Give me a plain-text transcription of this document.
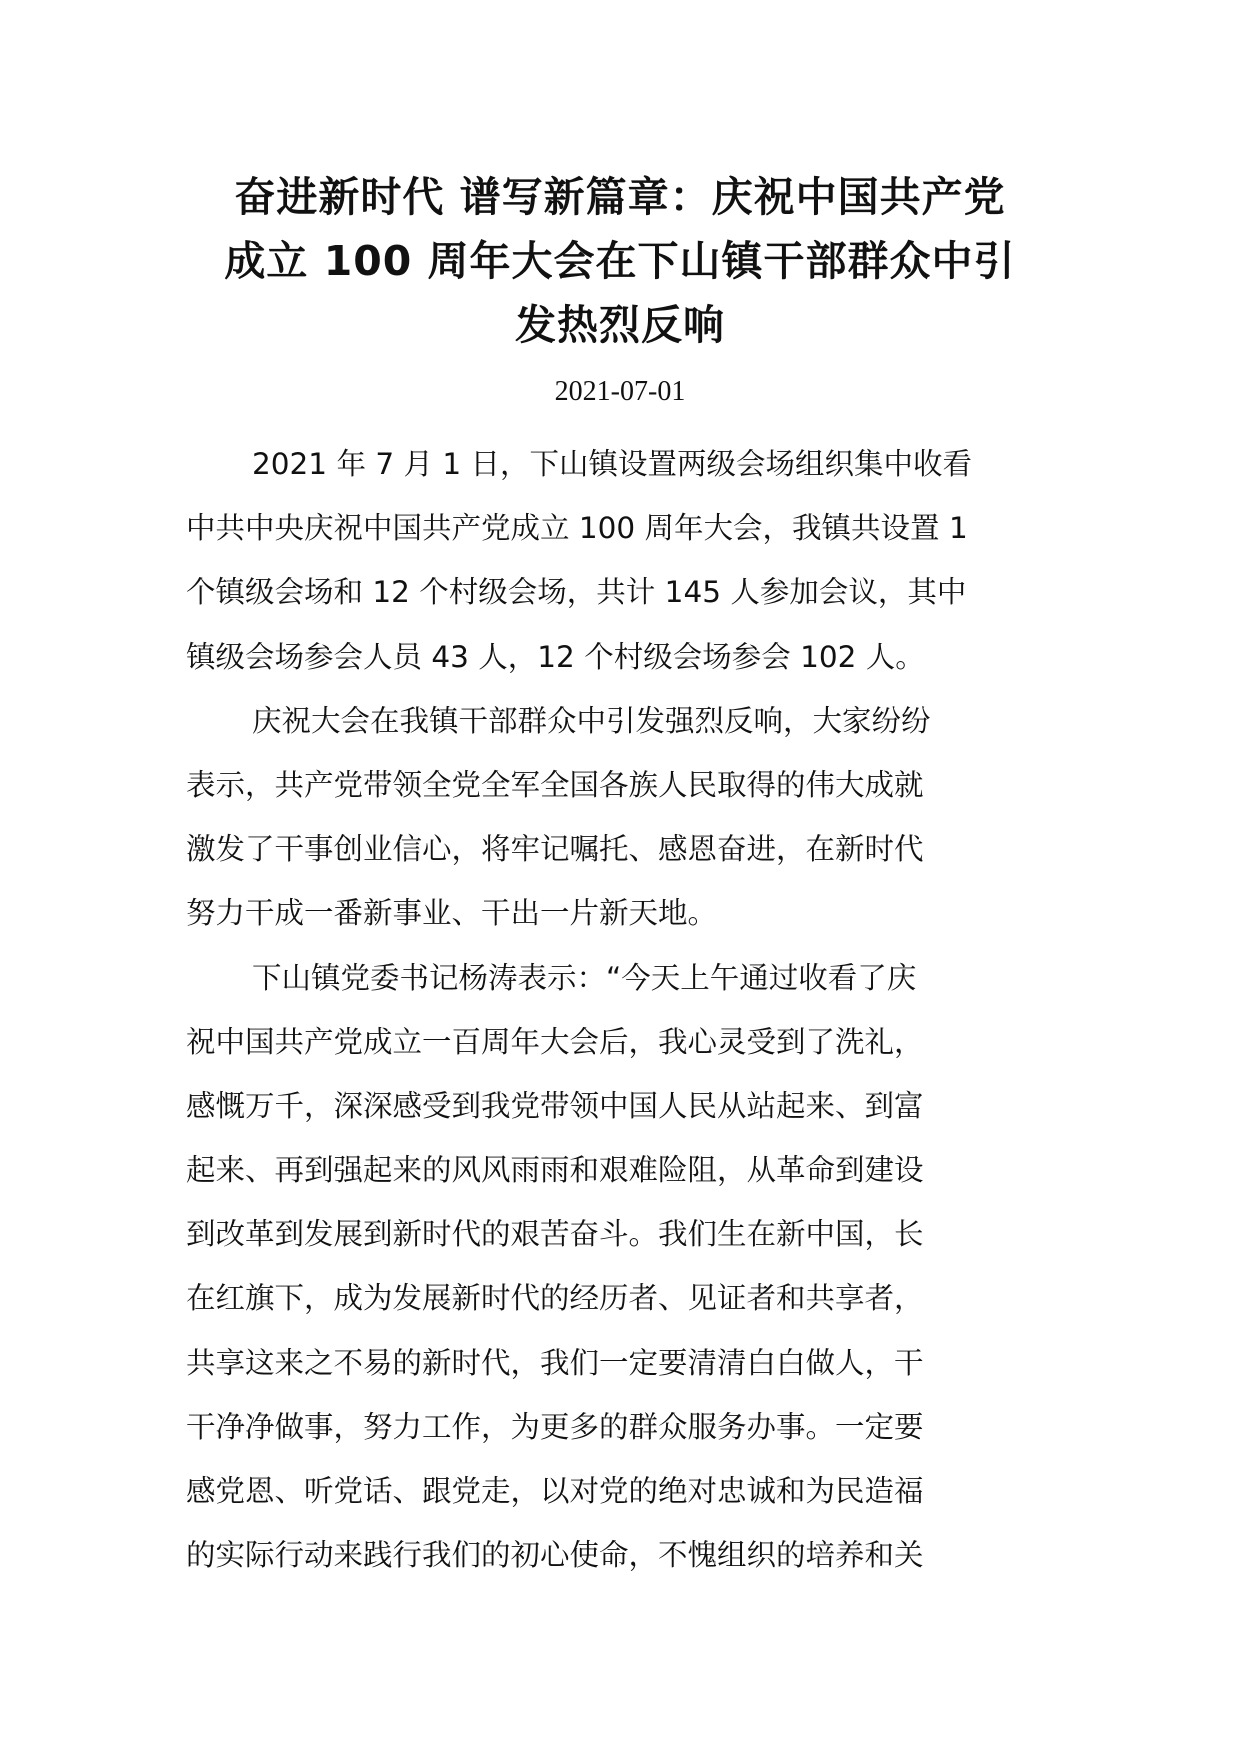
奋进新时代 谱写新篇章：庆祝中国共产党
成立 100 周年大会在下山镇干部群众中引
发热烈反响
2021-07-01

2021 年 7 月 1 日，下山镇设置两级会场组织集中收看
中共中央庆祝中国共产党成立 100 周年大会，我镇共设置 1
个镇级会场和 12 个村级会场，共计 145 人参加会议，其中
镇级会场参会人员 43 人，12 个村级会场参会 102 人。

庆祝大会在我镇干部群众中引发强烈反响，大家纷纷
表示，共产党带领全党全军全国各族人民取得的伟大成就
激发了干事创业信心，将牢记嘱托、感恩奋进，在新时代
努力干成一番新事业、干出一片新天地。

下山镇党委书记杨涛表示：“今天上午通过收看了庆
祝中国共产党成立一百周年大会后，我心灵受到了洗礼，
感慨万千，深深感受到我党带领中国人民从站起来、到富
起来、再到强起来的风风雨雨和艰难险阻，从革命到建设
到改革到发展到新时代的艰苦奋斗。我们生在新中国，长
在红旗下，成为发展新时代的经历者、见证者和共享者，
共享这来之不易的新时代，我们一定要清清白白做人，干
干净净做事，努力工作，为更多的群众服务办事。一定要
感党恩、听党话、跟党走，以对党的绝对忠诚和为民造福
的实际行动来践行我们的初心使命，不愧组织的培养和关
